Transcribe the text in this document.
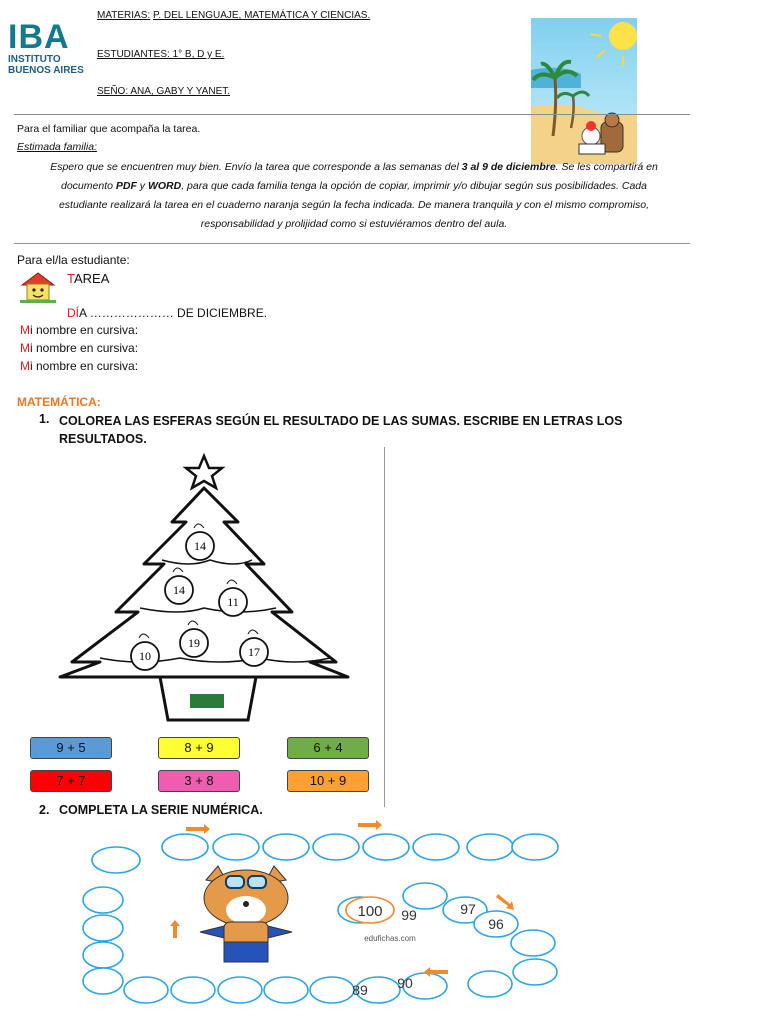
IBA
INSTITUTO
BUENOS AIRES
MATERIAS: P. DEL LENGUAJE, MATEMÁTICA Y CIENCIAS.
ESTUDIANTES: 1° B, D y E.
SEÑO: ANA, GABY Y YANET.
Para el familiar que acompaña la tarea.
Estimada familia:
Espero que se encuentren muy bien. Envío la tarea que corresponde a las semanas del 3 al 9 de diciembre. Se les compartirá en
documento PDF y WORD, para que cada familia tenga la opción de copiar, imprimir y/o dibujar según sus posibilidades. Cada
estudiante realizará la tarea en el cuaderno naranja según la fecha indicada. De manera tranquila y con el mismo compromiso,
responsabilidad y prolijidad como si estuviéramos dentro del aula.
Para el/la estudiante:
TAREA
DÍA ………………… DE DICIEMBRE.
Mi nombre en cursiva:
Mi nombre en cursiva:
Mi nombre en cursiva:
MATEMÁTICA:
1. COLOREA LAS ESFERAS SEGÚN EL RESULTADO DE LAS SUMAS. ESCRIBE EN LETRAS LOS
RESULTADOS.
14
14
11
19
10	17
9 + 5	8 + 9	6 + 4
7 + 7	3 + 8	10 + 9
2. COMPLETA LA SERIE NUMÉRICA.
100 99	97
96
90
89
edufichas.com
